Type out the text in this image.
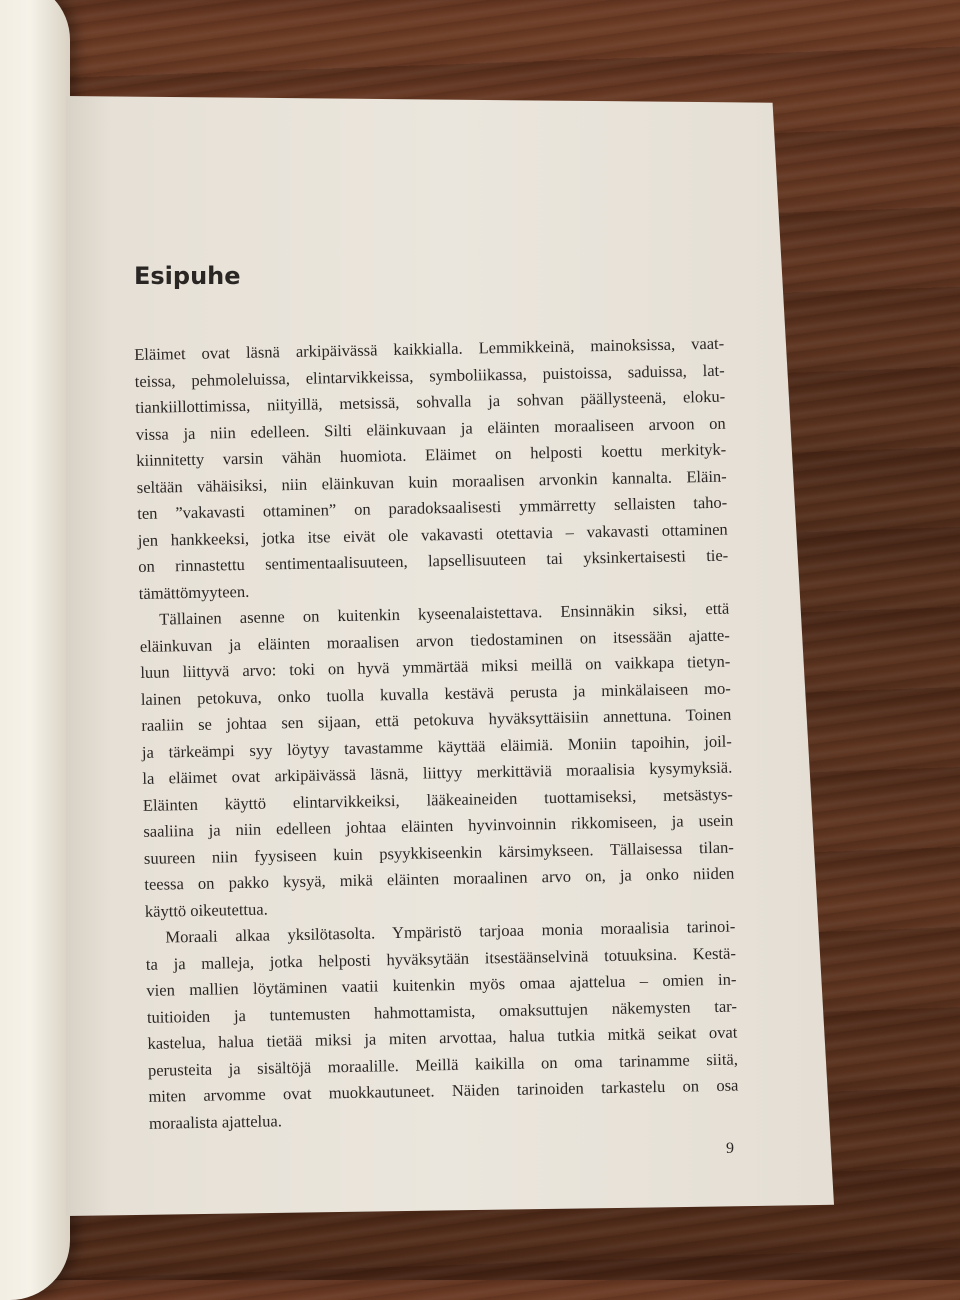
Esipuhe

Eläimet ovat läsnä arkipäivässä kaikkialla. Lemmikkeinä, mainoksissa, vaat-
teissa, pehmoleluissa, elintarvikkeissa, symboliikassa, puistoissa, saduissa, lat-
tiankiillottimissa, niityillä, metsissä, sohvalla ja sohvan päällysteenä, eloku-
vissa ja niin edelleen. Silti eläinkuvaan ja eläinten moraaliseen arvoon on
kiinnitetty varsin vähän huomiota. Eläimet on helposti koettu merkityk-
seltään vähäisiksi, niin eläinkuvan kuin moraalisen arvonkin kannalta. Eläin-
ten ”vakavasti ottaminen” on paradoksaalisesti ymmärretty sellaisten taho-
jen hankkeeksi, jotka itse eivät ole vakavasti otettavia – vakavasti ottaminen
on rinnastettu sentimentaalisuuteen, lapsellisuuteen tai yksinkertaisesti tie-
tämättömyyteen.

Tällainen asenne on kuitenkin kyseenalaistettava. Ensinnäkin siksi, että
eläinkuvan ja eläinten moraalisen arvon tiedostaminen on itsessään ajatte-
luun liittyvä arvo: toki on hyvä ymmärtää miksi meillä on vaikkapa tietyn-
lainen petokuva, onko tuolla kuvalla kestävä perusta ja minkälaiseen mo-
raaliin se johtaa sen sijaan, että petokuva hyväksyttäisiin annettuna. Toinen
ja tärkeämpi syy löytyy tavastamme käyttää eläimiä. Moniin tapoihin, joil-
la eläimet ovat arkipäivässä läsnä, liittyy merkittäviä moraalisia kysymyksiä.
Eläinten käyttö elintarvikkeiksi, lääkeaineiden tuottamiseksi, metsästys-
saaliina ja niin edelleen johtaa eläinten hyvinvoinnin rikkomiseen, ja usein
suureen niin fyysiseen kuin psyykkiseenkin kärsimykseen. Tällaisessa tilan-
teessa on pakko kysyä, mikä eläinten moraalinen arvo on, ja onko niiden
käyttö oikeutettua.

Moraali alkaa yksilötasolta. Ympäristö tarjoaa monia moraalisia tarinoi-
ta ja malleja, jotka helposti hyväksytään itsestäänselvinä totuuksina. Kestä-
vien mallien löytäminen vaatii kuitenkin myös omaa ajattelua – omien in-
tuitioiden ja tuntemusten hahmottamista, omaksuttujen näkemysten tar-
kastelua, halua tietää miksi ja miten arvottaa, halua tutkia mitkä seikat ovat
perusteita ja sisältöjä moraalille. Meillä kaikilla on oma tarinamme siitä,
miten arvomme ovat muokkautuneet. Näiden tarinoiden tarkastelu on osa
moraalista ajattelua.

9
